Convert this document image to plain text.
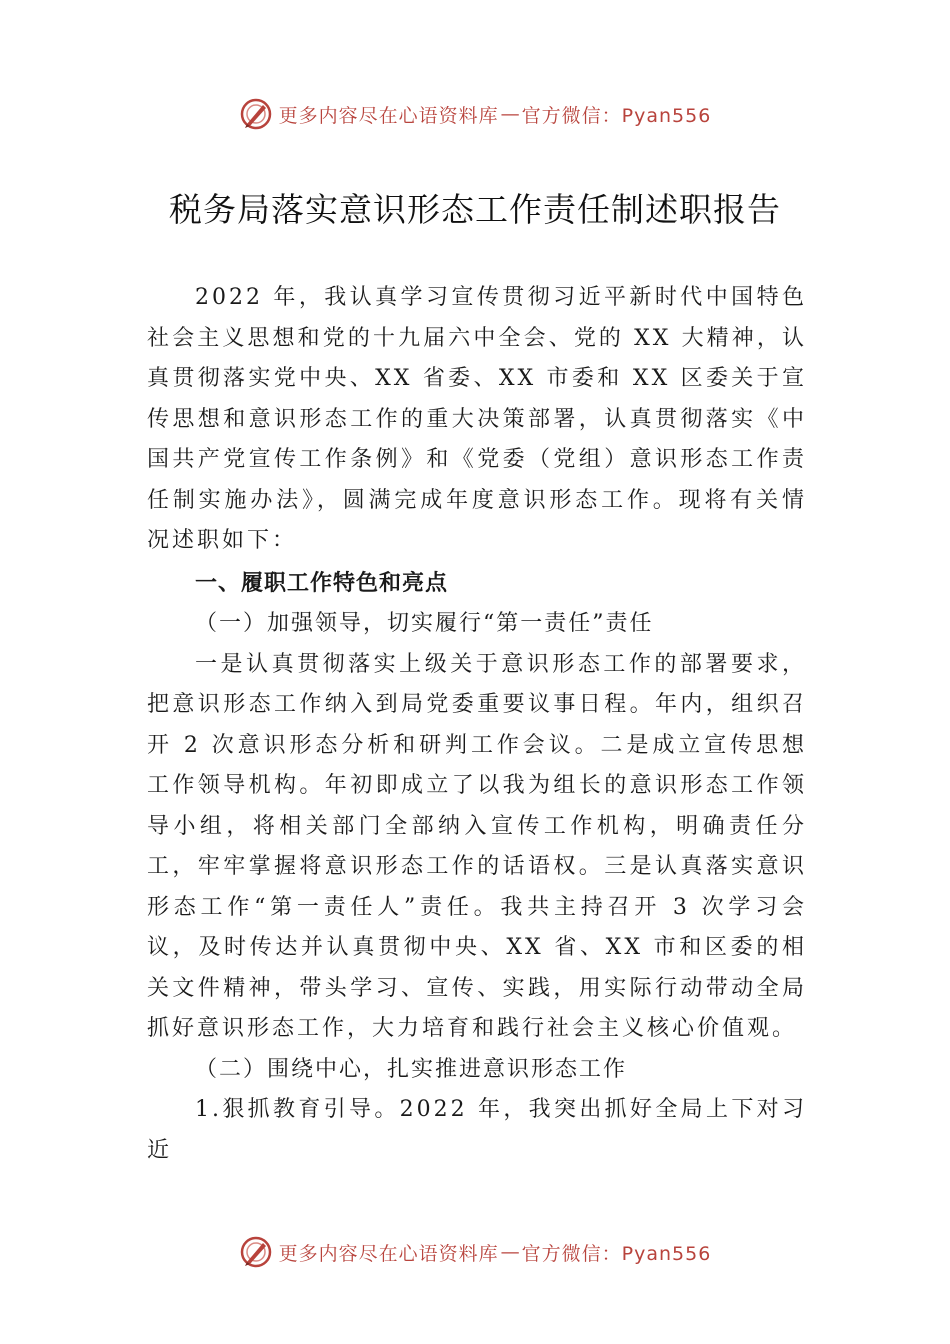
更多内容尽在心语资料库 — 官方微信：Pyan556
税务局落实意识形态工作责任制述职报告

2022 年，我认真学习宣传贯彻习近平新时代中国特色社会主义思想和党的十九届六中全会、党的 XX 大精神，认真贯彻落实党中央、XX 省委、XX 市委和 XX 区委关于宣传思想和意识形态工作的重大决策部署，认真贯彻落实《中国共产党宣传工作条例》和《党委（党组）意识形态工作责任制实施办法》，圆满完成年度意识形态工作。现将有关情况述职如下：

一、履职工作特色和亮点

（一）加强领导，切实履行“第一责任”责任

一是认真贯彻落实上级关于意识形态工作的部署要求，把意识形态工作纳入到局党委重要议事日程。年内，组织召开 2 次意识形态分析和研判工作会议。二是成立宣传思想工作领导机构。年初即成立了以我为组长的意识形态工作领导小组，将相关部门全部纳入宣传工作机构，明确责任分工，牢牢掌握将意识形态工作的话语权。三是认真落实意识形态工作“第一责任人”责任。我共主持召开 3 次学习会议，及时传达并认真贯彻中央、XX 省、XX 市和区委的相关文件精神，带头学习、宣传、实践，用实际行动带动全局抓好意识形态工作，大力培育和践行社会主义核心价值观。

（二）围绕中心，扎实推进意识形态工作

1.狠抓教育引导。2022 年，我突出抓好全局上下对习近

更多内容尽在心语资料库 — 官方微信：Pyan556
